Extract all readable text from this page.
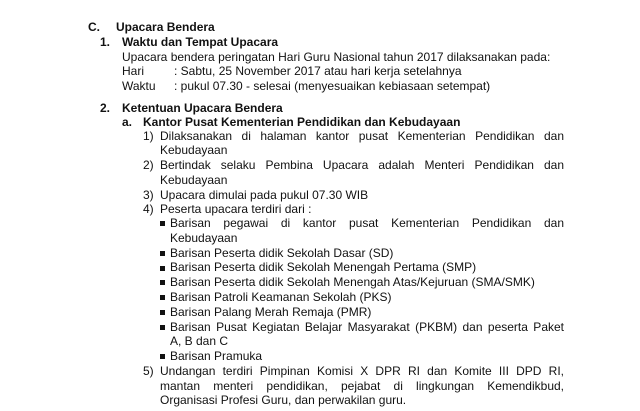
C. Upacara Bendera
1. Waktu dan Tempat Upacara
Upacara bendera peringatan Hari Guru Nasional tahun 2017 dilaksanakan pada:
Hari : Sabtu, 25 November 2017 atau hari kerja setelahnya
Waktu : pukul 07.30 - selesai (menyesuaikan kebiasaan setempat)
2. Ketentuan Upacara Bendera
a. Kantor Pusat Kementerian Pendidikan dan Kebudayaan
1) Dilaksanakan di halaman kantor pusat Kementerian Pendidikan dan
Kebudayaan
2) Bertindak selaku Pembina Upacara adalah Menteri Pendidikan dan
Kebudayaan
3) Upacara dimulai pada pukul 07.30 WIB
4) Peserta upacara terdiri dari :
Barisan pegawai di kantor pusat Kementerian Pendidikan dan
Kebudayaan
Barisan Peserta didik Sekolah Dasar (SD)
Barisan Peserta didik Sekolah Menengah Pertama (SMP)
Barisan Peserta didik Sekolah Menengah Atas/Kejuruan (SMA/SMK)
Barisan Patroli Keamanan Sekolah (PKS)
Barisan Palang Merah Remaja (PMR)
Barisan Pusat Kegiatan Belajar Masyarakat (PKBM) dan peserta Paket
A, B dan C
Barisan Pramuka
5) Undangan terdiri Pimpinan Komisi X DPR RI dan Komite III DPD RI,
mantan menteri pendidikan, pejabat di lingkungan Kemendikbud,
Organisasi Profesi Guru, dan perwakilan guru.
